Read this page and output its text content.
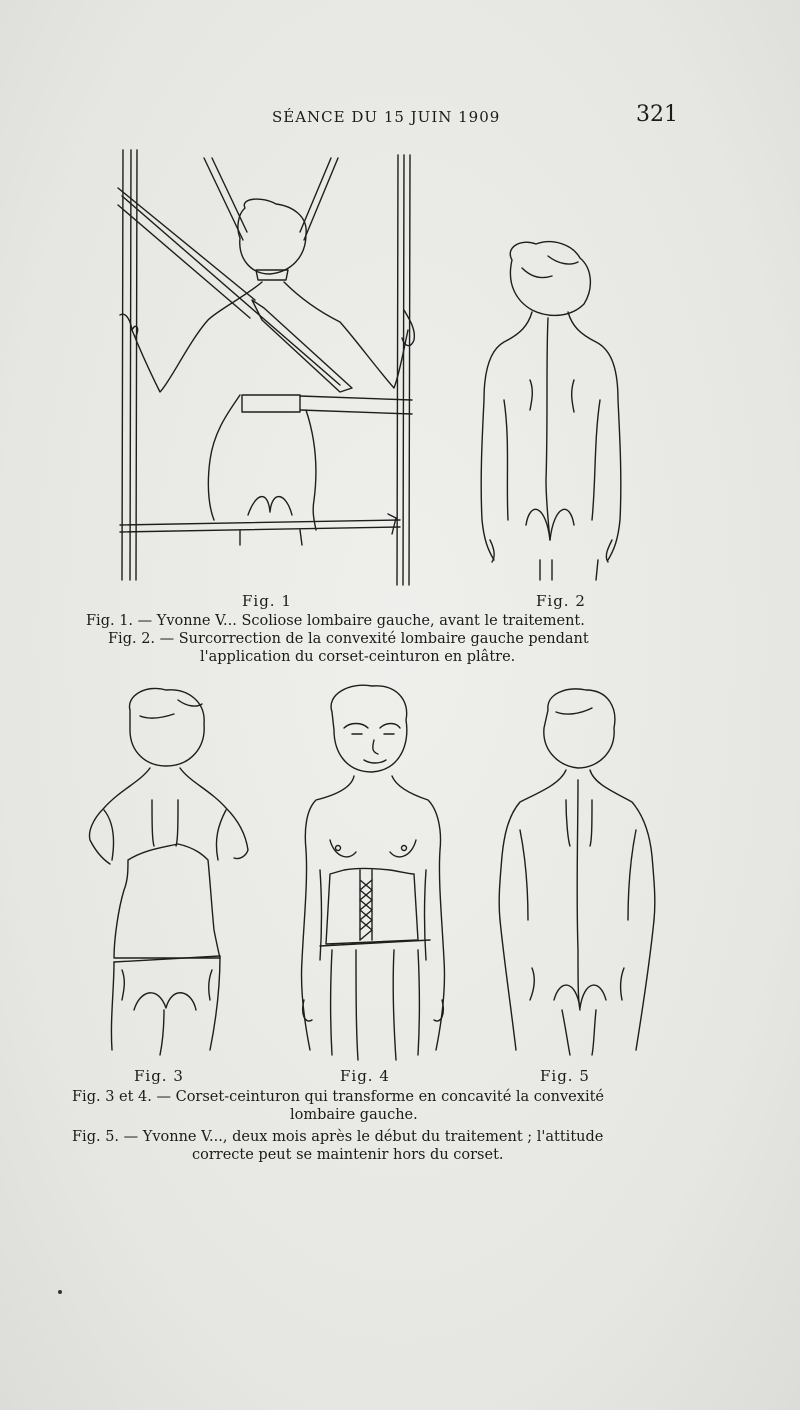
SÉANCE DU 15 JUIN 1909	321
Fig. 1	Fig. 2
Fig. 1. — Yvonne V... Scoliose lombaire gauche, avant le traitement.
Fig. 2. — Surcorrection de la convexité lombaire gauche pendant
l'application du corset-ceinturon en plâtre.
Fig. 3	Fig. 4	Fig. 5
Fig. 3 et 4. — Corset-ceinturon qui transforme en concavité la convexité
lombaire gauche.
Fig. 5. — Yvonne V..., deux mois après le début du traitement ; l'attitude
correcte peut se maintenir hors du corset.
